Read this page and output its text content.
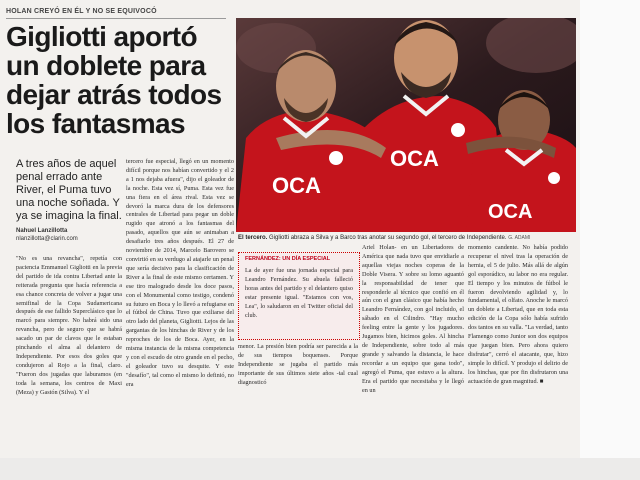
HOLAN CREYÓ EN ÉL Y NO SE EQUIVOCÓ
Gigliotti aportó un doblete para dejar atrás todos los fantasmas
A tres años de aquel penal errado ante River, el Puma tuvo una noche soñada. Y ya se imagina la final.
Nahuel Lanzillotta
nlanzillotta@clarin.com
OCA
OCA
OCA
El tercero. Gigliotti abraza a Silva y a Barco tras anotar su segundo gol, el tercero de Independiente. G. ADAMI

"No es una revancha", repetía con paciencia Emmanuel Gigliotti en la previa del partido de ida contra Libertad ante la reiterada pregunta que hacía referencia a esa chance concreta de volver a jugar una semifinal de la Copa Sudamericana después de ese fallido Superclásico que lo marcó para siempre. No habrá sido una revancha, pero de seguro que se habrá sacado un par de clavos que le estaban pinchando el alma al delantero de Independiente. Por esos dos goles que condujeron al Rojo a la final, claro. "Fueron dos jugadas que laburamos (en toda la semana, los centros de Maxi (Meza) y Gastón (Silva). Y el

tercero fue especial, llegó en un momento difícil porque nos habían convertido y el 2 a 1 nos dejaba afuera", dijo el goleador de la noche. Esta vez sí, Puma. Esta vez fue una fiera en el área rival. Esta vez se devoró la marca dura de los defensores centrales de Libertad para pegar un doble rugido que atronó a los fantasmas del pasado, aquellos que aún se animaban a desafiarlo tres años después. El 27 de noviembre de 2014, Marcelo Barovero se convirtió en su verdugo al atajarle un penal que sería decisivo para la clasificación de River a la final de este mismo certamen. Y ese tiro malogrado desde los doce pasos, con el Monumental como testigo, condenó su futuro en Boca y lo llevó a refugiarse en el fútbol de China. Tuvo que exiliarse del otro lado del planeta, Gigliotti. Lejos de las gargantas de los hinchas de River y de los reproches de los de Boca. Ayer, en la misma instancia de la misma competencia y con el escudo de otro grande en el pecho, el goleador tuvo su desquite. Y este "desafío", tal como el mismo lo definió, no era

FERNÁNDEZ: UN DÍA ESPECIAL
La de ayer fue una jornada especial para Leandro Fernández. Su abuela falleció horas antes del partido y el delantero quiso estar presente igual. "Estamos con vos, Lea", lo saludaron en el Twitter oficial del club.

menor. La presión bien podría ser parecida a la de sus tiempos boquenses. Porque Independiente se jugaba el partido más importante de sus últimos siete años -tal cual diagnosticó

Ariel Holan- en un Libertadores de América que nada tuvo que envidiarle a aquellas viejas noches coperas de la Doble Visera. Y sobre su lomo aguantó la responsabilidad de tener que responderle al técnico que confió en él aún con el gran clásico que había hecho Leandro Fernández, con gol incluido, el sábado en el Cilindro. "Hay mucho feeling entre la gente y los jugadores. Jugamos bien, hicimos goles. Al hincha de Independiente, sobre todo al más grande y salvando la distancia, le hace recordar a un equipo que gana todo", agregó el Puma, que estuvo a la altura. Era el partido que necesitaba y le llegó en un

momento candente. No había podido recuperar el nivel tras la operación de hernia, el 5 de julio. Más allá de algún gol esporádico, su labor no era regular. El tiempo y los minutos de fútbol le fueron devolviendo agilidad y, lo fundamental, el olfato. Anoche le marcó un doblete a Libertad, que en toda esta edición de la Copa sólo había sufrido dos tantos en su valla. "La verdad, tanto Flamengo como Junior son dos equipos que juegan bien. Pero ahora quiero disfrutar", cerró el atacante, que, hizo simple lo difícil. Y produjo el delirio de los hinchas, que por fin disfrutaron una actuación de gran magnitud. ■
